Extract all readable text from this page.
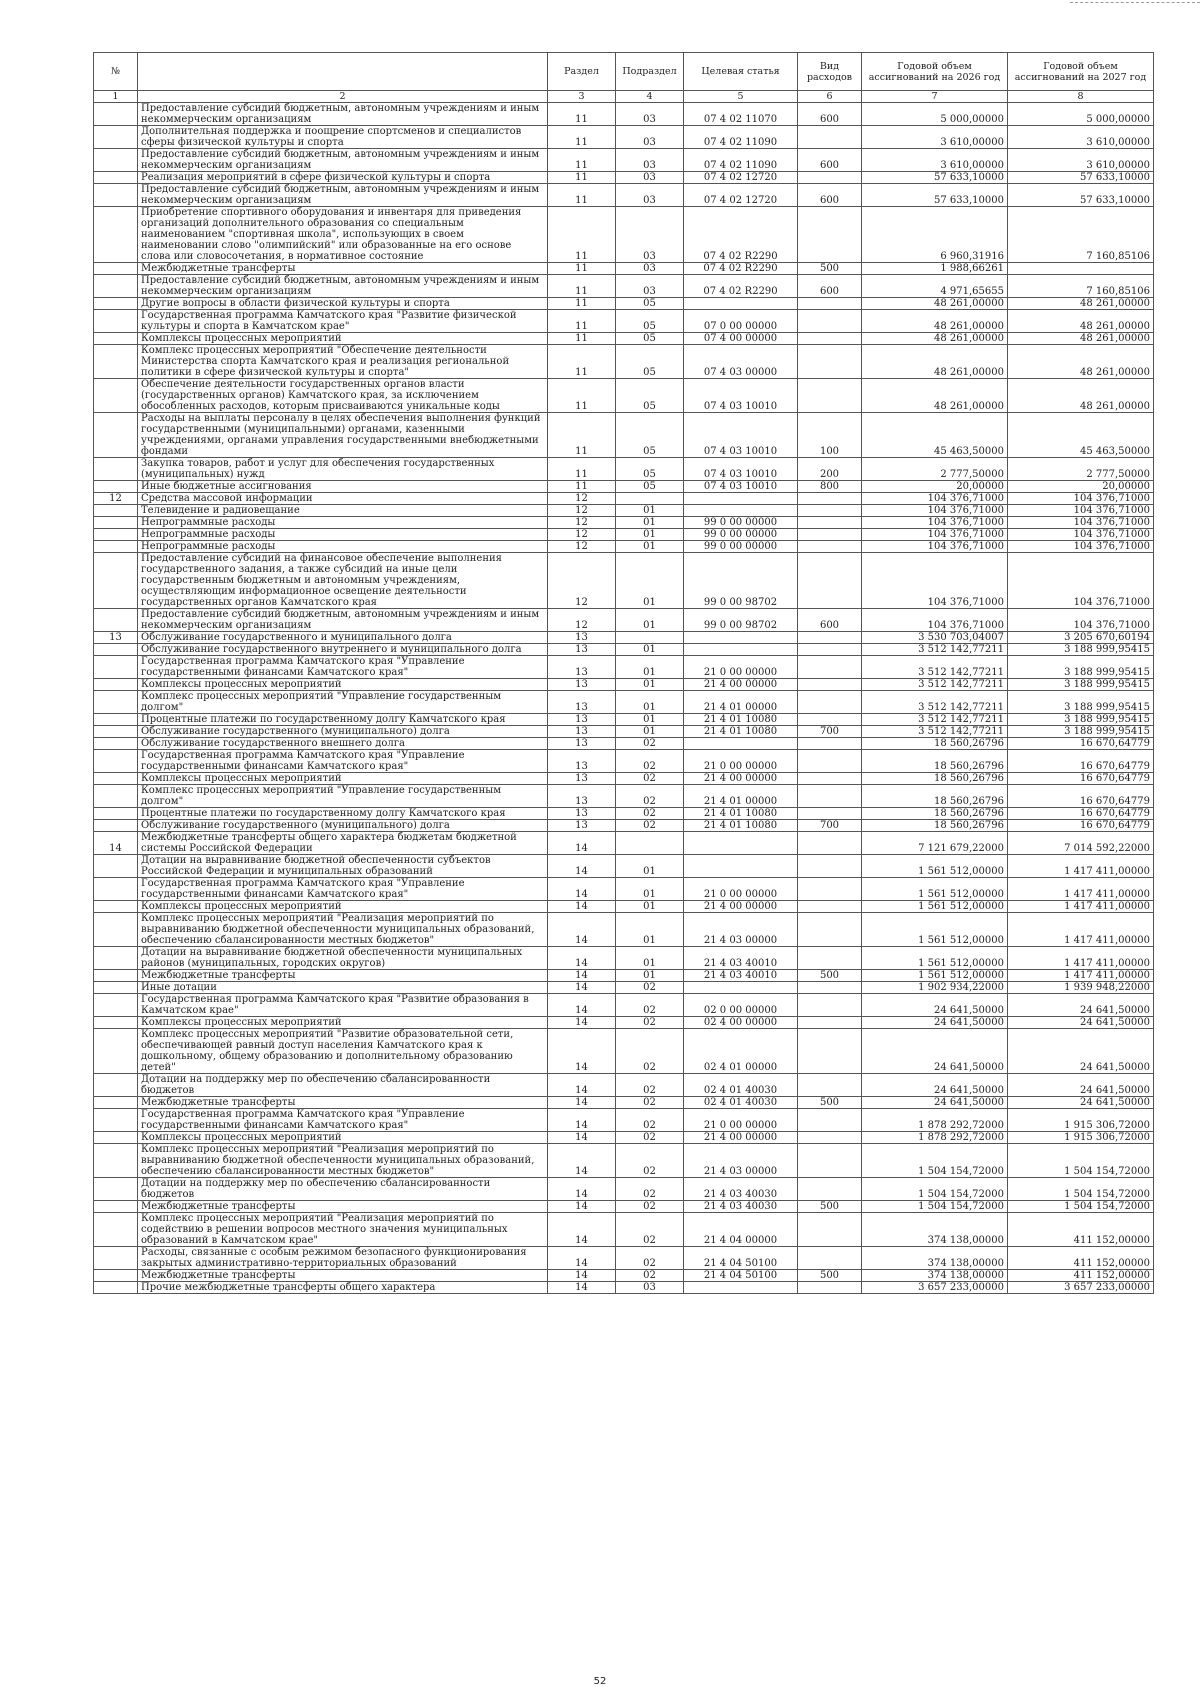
№		Раздел	Подраздел	Целевая статья	Вид расходов	Годовой объем ассигнований на 2026 год	Годовой объем ассигнований на 2027 год
1	2	3	4	5	6	7	8
	Предоставление субсидий бюджетным, автономным учреждениям и иным некоммерческим организациям	11	03	07 4 02 11070	600	5 000,00000	5 000,00000
	Дополнительная поддержка и поощрение спортсменов и специалистов сферы физической культуры и спорта	11	03	07 4 02 11090		3 610,00000	3 610,00000
	Предоставление субсидий бюджетным, автономным учреждениям и иным некоммерческим организациям	11	03	07 4 02 11090	600	3 610,00000	3 610,00000
	Реализация мероприятий в сфере физической культуры и спорта	11	03	07 4 02 12720		57 633,10000	57 633,10000
	Предоставление субсидий бюджетным, автономным учреждениям и иным некоммерческим организациям	11	03	07 4 02 12720	600	57 633,10000	57 633,10000
	Приобретение спортивного оборудования и инвентаря для приведения организаций дополнительного образования со специальным наименованием "спортивная школа", использующих в своем наименовании слово "олимпийский" или образованные на его основе слова или словосочетания, в нормативное состояние	11	03	07 4 02 R2290		6 960,31916	7 160,85106
	Межбюджетные трансферты	11	03	07 4 02 R2290	500	1 988,66261	
	Предоставление субсидий бюджетным, автономным учреждениям и иным некоммерческим организациям	11	03	07 4 02 R2290	600	4 971,65655	7 160,85106
	Другие вопросы в области физической культуры и спорта	11	05			48 261,00000	48 261,00000
	Государственная программа Камчатского края "Развитие физической культуры и спорта в Камчатском крае"	11	05	07 0 00 00000		48 261,00000	48 261,00000
	Комплексы процессных мероприятий	11	05	07 4 00 00000		48 261,00000	48 261,00000
	Комплекс процессных мероприятий "Обеспечение деятельности Министерства спорта Камчатского края и реализация региональной политики в сфере физической культуры и спорта"	11	05	07 4 03 00000		48 261,00000	48 261,00000
	Обеспечение деятельности государственных органов власти (государственных органов) Камчатского края, за исключением обособленных расходов, которым присваиваются уникальные коды	11	05	07 4 03 10010		48 261,00000	48 261,00000
	Расходы на выплаты персоналу в целях обеспечения выполнения функций государственными (муниципальными) органами, казенными учреждениями, органами управления государственными внебюджетными фондами	11	05	07 4 03 10010	100	45 463,50000	45 463,50000
	Закупка товаров, работ и услуг для обеспечения государственных (муниципальных) нужд	11	05	07 4 03 10010	200	2 777,50000	2 777,50000
	Иные бюджетные ассигнования	11	05	07 4 03 10010	800	20,00000	20,00000
12	Средства массовой информации	12				104 376,71000	104 376,71000
	Телевидение и радиовещание	12	01			104 376,71000	104 376,71000
	Непрограммные расходы	12	01	99 0 00 00000		104 376,71000	104 376,71000
	Непрограммные расходы	12	01	99 0 00 00000		104 376,71000	104 376,71000
	Непрограммные расходы	12	01	99 0 00 00000		104 376,71000	104 376,71000
	Предоставление субсидий на финансовое обеспечение выполнения государственного задания, а также субсидий на иные цели государственным бюджетным и автономным учреждениям, осуществляющим информационное освещение деятельности государственных органов Камчатского края	12	01	99 0 00 98702		104 376,71000	104 376,71000
	Предоставление субсидий бюджетным, автономным учреждениям и иным некоммерческим организациям	12	01	99 0 00 98702	600	104 376,71000	104 376,71000
13	Обслуживание государственного и муниципального долга	13				3 530 703,04007	3 205 670,60194
	Обслуживание государственного внутреннего и муниципального долга	13	01			3 512 142,77211	3 188 999,95415
	Государственная программа Камчатского края "Управление государственными финансами Камчатского края"	13	01	21 0 00 00000		3 512 142,77211	3 188 999,95415
	Комплексы процессных мероприятий	13	01	21 4 00 00000		3 512 142,77211	3 188 999,95415
	Комплекс процессных мероприятий "Управление государственным долгом"	13	01	21 4 01 00000		3 512 142,77211	3 188 999,95415
	Процентные платежи по государственному долгу Камчатского края	13	01	21 4 01 10080		3 512 142,77211	3 188 999,95415
	Обслуживание государственного (муниципального) долга	13	01	21 4 01 10080	700	3 512 142,77211	3 188 999,95415
	Обслуживание государственного внешнего долга	13	02			18 560,26796	16 670,64779
	Государственная программа Камчатского края "Управление государственными финансами Камчатского края"	13	02	21 0 00 00000		18 560,26796	16 670,64779
	Комплексы процессных мероприятий	13	02	21 4 00 00000		18 560,26796	16 670,64779
	Комплекс процессных мероприятий "Управление государственным долгом"	13	02	21 4 01 00000		18 560,26796	16 670,64779
	Процентные платежи по государственному долгу Камчатского края	13	02	21 4 01 10080		18 560,26796	16 670,64779
	Обслуживание государственного (муниципального) долга	13	02	21 4 01 10080	700	18 560,26796	16 670,64779
14	Межбюджетные трансферты общего характера бюджетам бюджетной системы Российской Федерации	14				7 121 679,22000	7 014 592,22000
	Дотации на выравнивание бюджетной обеспеченности субъектов Российской Федерации и муниципальных образований	14	01			1 561 512,00000	1 417 411,00000
	Государственная программа Камчатского края "Управление государственными финансами Камчатского края"	14	01	21 0 00 00000		1 561 512,00000	1 417 411,00000
	Комплексы процессных мероприятий	14	01	21 4 00 00000		1 561 512,00000	1 417 411,00000
	Комплекс процессных мероприятий "Реализация мероприятий по выравниванию бюджетной обеспеченности муниципальных образований, обеспечению сбалансированности местных бюджетов"	14	01	21 4 03 00000		1 561 512,00000	1 417 411,00000
	Дотации на выравнивание бюджетной обеспеченности муниципальных районов (муниципальных, городских округов)	14	01	21 4 03 40010		1 561 512,00000	1 417 411,00000
	Межбюджетные трансферты	14	01	21 4 03 40010	500	1 561 512,00000	1 417 411,00000
	Иные дотации	14	02			1 902 934,22000	1 939 948,22000
	Государственная программа Камчатского края "Развитие образования в Камчатском крае"	14	02	02 0 00 00000		24 641,50000	24 641,50000
	Комплексы процессных мероприятий	14	02	02 4 00 00000		24 641,50000	24 641,50000
	Комплекс процессных мероприятий "Развитие образовательной сети, обеспечивающей равный доступ населения Камчатского края к дошкольному, общему образованию и дополнительному образованию детей"	14	02	02 4 01 00000		24 641,50000	24 641,50000
	Дотации на поддержку мер по обеспечению сбалансированности бюджетов	14	02	02 4 01 40030		24 641,50000	24 641,50000
	Межбюджетные трансферты	14	02	02 4 01 40030	500	24 641,50000	24 641,50000
	Государственная программа Камчатского края "Управление государственными финансами Камчатского края"	14	02	21 0 00 00000		1 878 292,72000	1 915 306,72000
	Комплексы процессных мероприятий	14	02	21 4 00 00000		1 878 292,72000	1 915 306,72000
	Комплекс процессных мероприятий "Реализация мероприятий по выравниванию бюджетной обеспеченности муниципальных образований, обеспечению сбалансированности местных бюджетов"	14	02	21 4 03 00000		1 504 154,72000	1 504 154,72000
	Дотации на поддержку мер по обеспечению сбалансированности бюджетов	14	02	21 4 03 40030		1 504 154,72000	1 504 154,72000
	Межбюджетные трансферты	14	02	21 4 03 40030	500	1 504 154,72000	1 504 154,72000
	Комплекс процессных мероприятий "Реализация мероприятий по содействию в решении вопросов местного значения муниципальных образований в Камчатском крае"	14	02	21 4 04 00000		374 138,00000	411 152,00000
	Расходы, связанные с особым режимом безопасного функционирования закрытых административно-территориальных образований	14	02	21 4 04 50100		374 138,00000	411 152,00000
	Межбюджетные трансферты	14	02	21 4 04 50100	500	374 138,00000	411 152,00000
	Прочие межбюджетные трансферты общего характера	14	03			3 657 233,00000	3 657 233,00000
52
